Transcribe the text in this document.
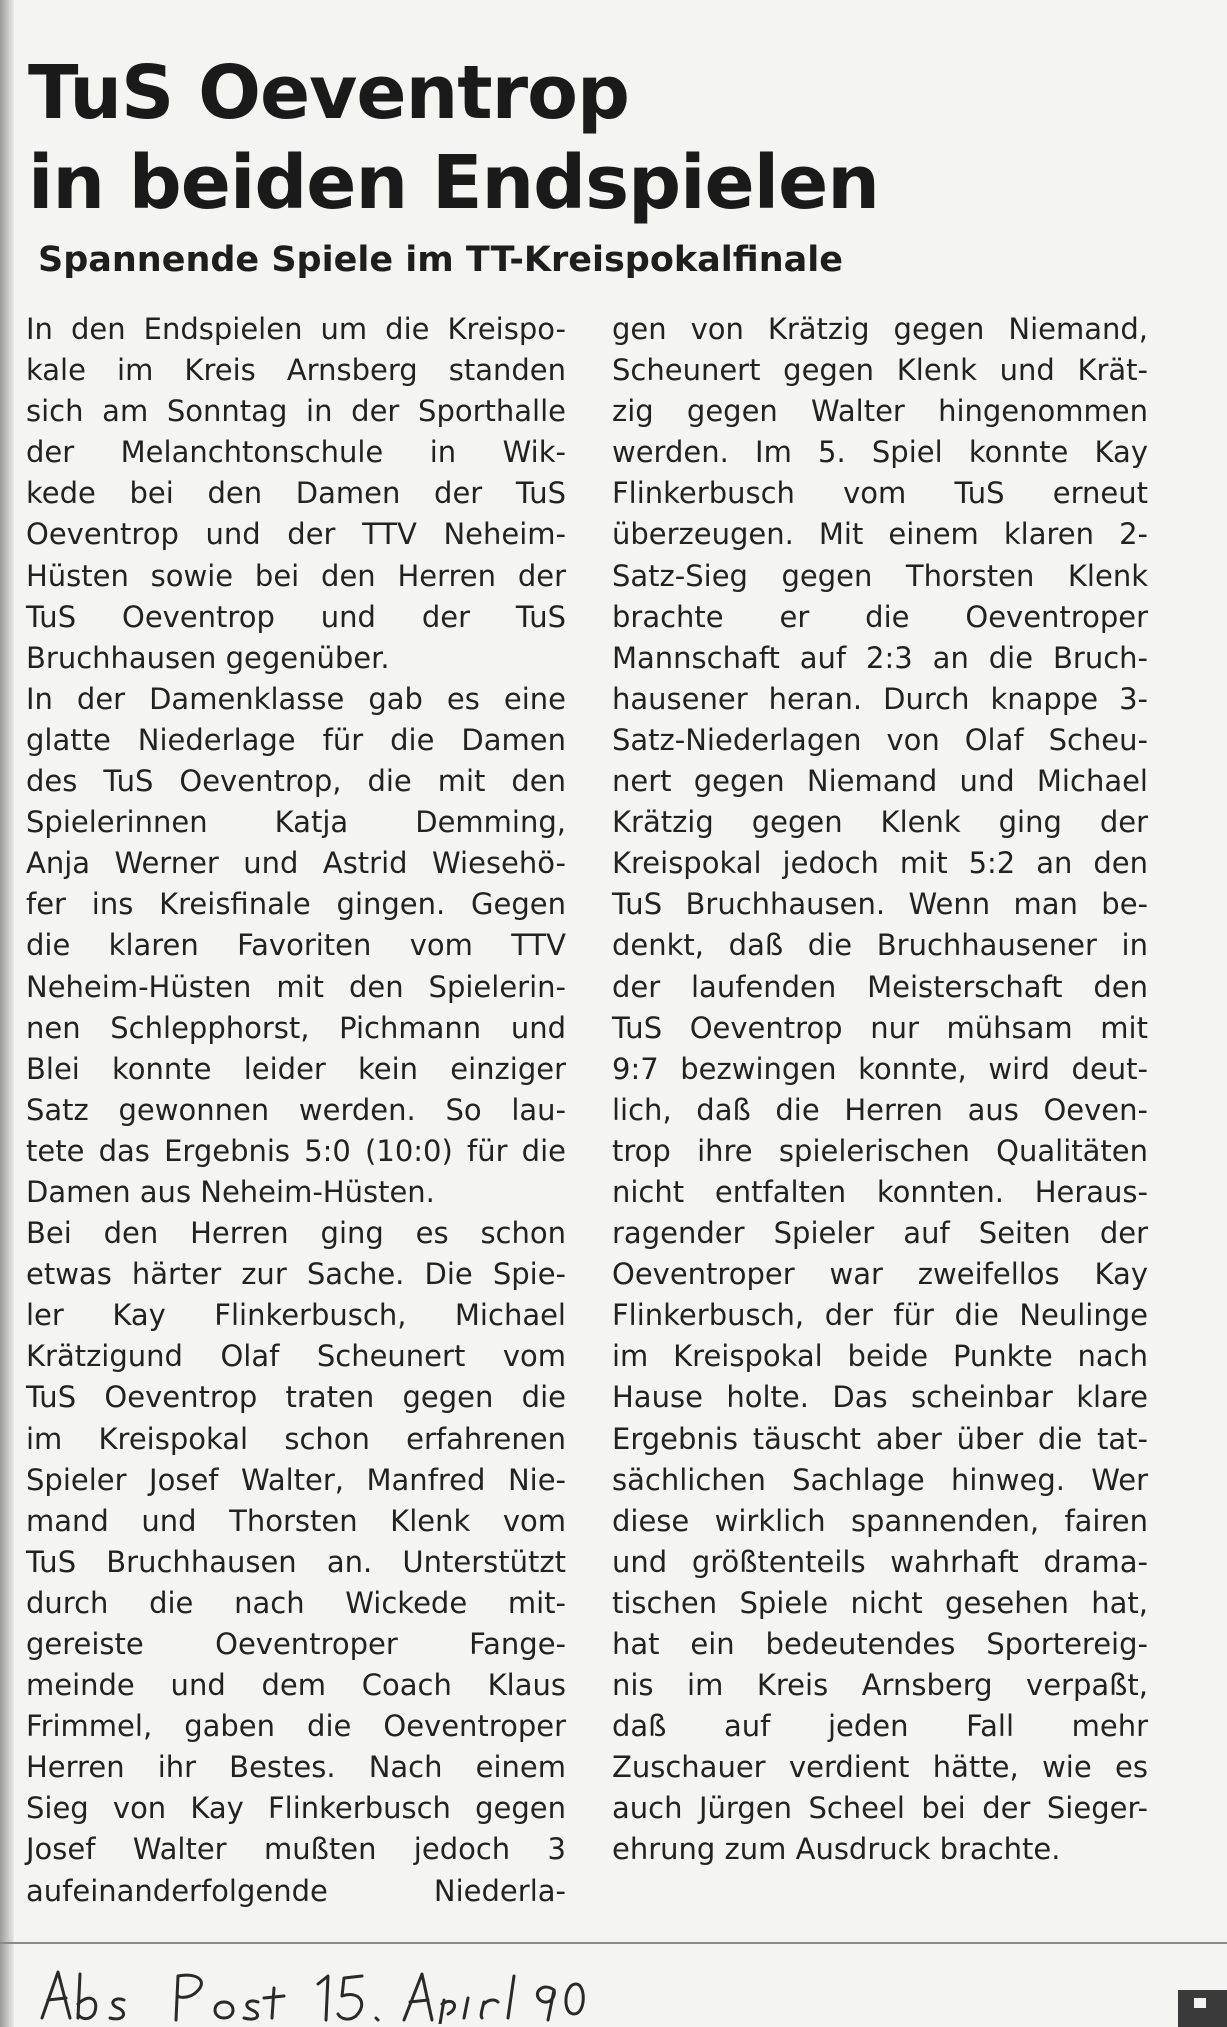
TuS Oeventrop
in beiden Endspielen
Spannende Spiele im TT-Kreispokalfinale
In den Endspielen um die Kreispo-
kale im Kreis Arnsberg standen
sich am Sonntag in der Sporthalle
der Melanchtonschule in Wik-
kede bei den Damen der TuS
Oeventrop und der TTV Neheim-
Hüsten sowie bei den Herren der
TuS Oeventrop und der TuS
Bruchhausen gegenüber.
In der Damenklasse gab es eine
glatte Niederlage für die Damen
des TuS Oeventrop, die mit den
Spielerinnen Katja Demming,
Anja Werner und Astrid Wiesehö-
fer ins Kreisfinale gingen. Gegen
die klaren Favoriten vom TTV
Neheim-Hüsten mit den Spielerin-
nen Schlepphorst, Pichmann und
Blei konnte leider kein einziger
Satz gewonnen werden. So lau-
tete das Ergebnis 5:0 (10:0) für die
Damen aus Neheim-Hüsten.
Bei den Herren ging es schon
etwas härter zur Sache. Die Spie-
ler Kay Flinkerbusch, Michael
Krätzigund Olaf Scheunert vom
TuS Oeventrop traten gegen die
im Kreispokal schon erfahrenen
Spieler Josef Walter, Manfred Nie-
mand und Thorsten Klenk vom
TuS Bruchhausen an. Unterstützt
durch die nach Wickede mit-
gereiste Oeventroper Fange-
meinde und dem Coach Klaus
Frimmel, gaben die Oeventroper
Herren ihr Bestes. Nach einem
Sieg von Kay Flinkerbusch gegen
Josef Walter mußten jedoch 3
aufeinanderfolgende Niederla-
gen von Krätzig gegen Niemand,
Scheunert gegen Klenk und Krät-
zig gegen Walter hingenommen
werden. Im 5. Spiel konnte Kay
Flinkerbusch vom TuS erneut
überzeugen. Mit einem klaren 2-
Satz-Sieg gegen Thorsten Klenk
brachte er die Oeventroper
Mannschaft auf 2:3 an die Bruch-
hausener heran. Durch knappe 3-
Satz-Niederlagen von Olaf Scheu-
nert gegen Niemand und Michael
Krätzig gegen Klenk ging der
Kreispokal jedoch mit 5:2 an den
TuS Bruchhausen. Wenn man be-
denkt, daß die Bruchhausener in
der laufenden Meisterschaft den
TuS Oeventrop nur mühsam mit
9:7 bezwingen konnte, wird deut-
lich, daß die Herren aus Oeven-
trop ihre spielerischen Qualitäten
nicht entfalten konnten. Heraus-
ragender Spieler auf Seiten der
Oeventroper war zweifellos Kay
Flinkerbusch, der für die Neulinge
im Kreispokal beide Punkte nach
Hause holte. Das scheinbar klare
Ergebnis täuscht aber über die tat-
sächlichen Sachlage hinweg. Wer
diese wirklich spannenden, fairen
und größtenteils wahrhaft drama-
tischen Spiele nicht gesehen hat,
hat ein bedeutendes Sportereig-
nis im Kreis Arnsberg verpaßt,
daß auf jeden Fall mehr
Zuschauer verdient hätte, wie es
auch Jürgen Scheel bei der Sieger-
ehrung zum Ausdruck brachte.
